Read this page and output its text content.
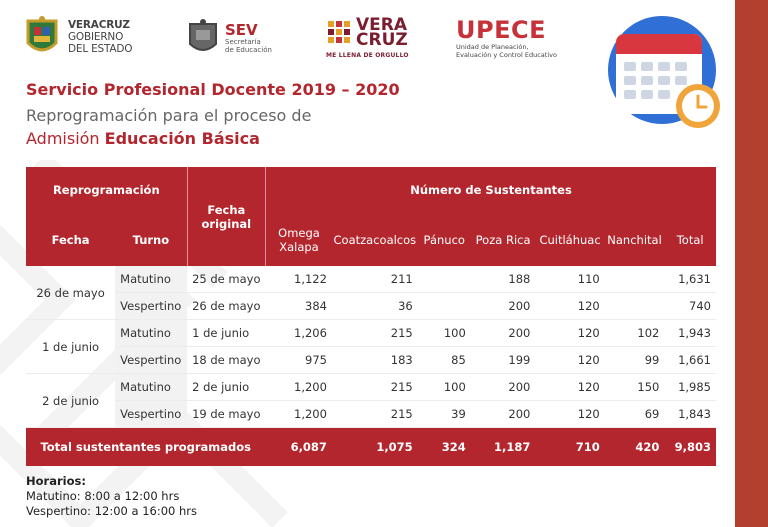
VERACRUZ
GOBIERNO
DEL ESTADO
SEV
Secretaría
de Educación
VERA
CRUZ
ME LLENA DE ORGULLO
UPECE
Unidad de Planeación,
Evaluación y Control Educativo
Servicio Profesional Docente 2019 – 2020
Reprogramación para el proceso de
Admisión Educación Básica
Reprogramación		Fecha original	Número de Sustentantes						
Fecha	Turno		Omega Xalapa	Coatzacoalcos	Pánuco	Poza Rica	Cuitláhuac	Nanchital	Total
26 de mayo	Matutino	25 de mayo	1,122	211		188	110		1,631
	Vespertino	26 de mayo	384	36		200	120		740
1 de junio	Matutino	1 de junio	1,206	215	100	200	120	102	1,943
	Vespertino	18 de mayo	975	183	85	199	120	99	1,661
2 de junio	Matutino	2 de junio	1,200	215	100	200	120	150	1,985
	Vespertino	19 de mayo	1,200	215	39	200	120	69	1,843
Total sustentantes programados			6,087	1,075	324	1,187	710	420	9,803
Horarios:
Matutino: 8:00 a 12:00 hrs
Vespertino: 12:00 a 16:00 hrs
